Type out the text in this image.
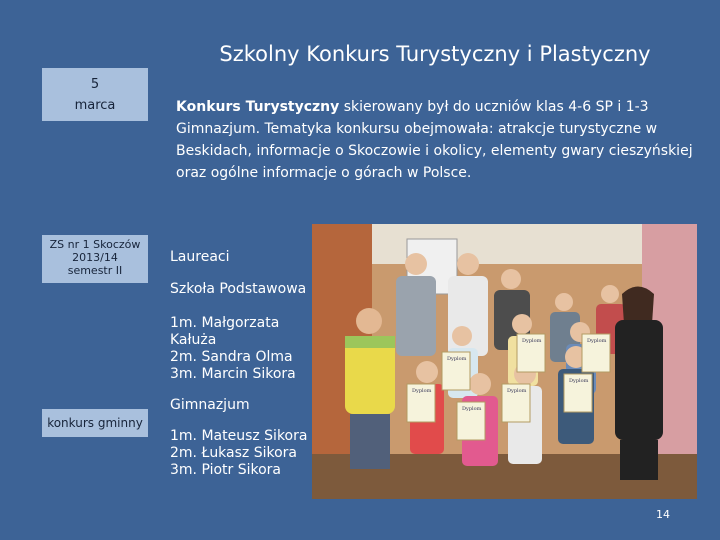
5
marca
ZS nr 1 Skoczów
2013/14
semestr II
konkurs gminny
Szkolny Konkurs Turystyczny i Plastyczny
Konkurs Turystyczny skierowany był do uczniów klas 4-6 SP i 1-3 Gimnazjum. Tematyka konkursu obejmowała: atrakcje turystyczne w Beskidach, informacje o Skoczowie i okolicy, elementy gwary cieszyńskiej oraz ogólne informacje o górach w Polsce.
Laureaci
Szkoła Podstawowa
1m. Małgorzata
Kałuża
2m. Sandra Olma
3m. Marcin Sikora
Gimnazjum
1m. Mateusz Sikora
2m. Łukasz Sikora
3m. Piotr Sikora
Dyplom
Dyplom
Dyplom
Dyplom
Dyplom
Dyplom
Dyplom
14
